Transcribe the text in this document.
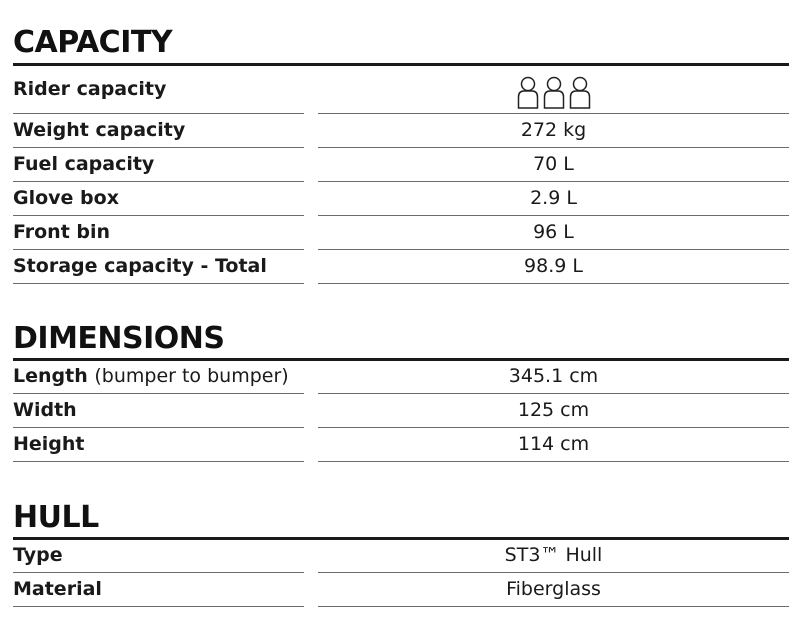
CAPACITY
Rider capacity
Weight capacity	272 kg
Fuel capacity	70 L
Glove box	2.9 L
Front bin	96 L
Storage capacity - Total	98.9 L
DIMENSIONS
Length (bumper to bumper)	345.1 cm
Width	125 cm
Height	114 cm
HULL
Type	ST3™ Hull
Material	Fiberglass
